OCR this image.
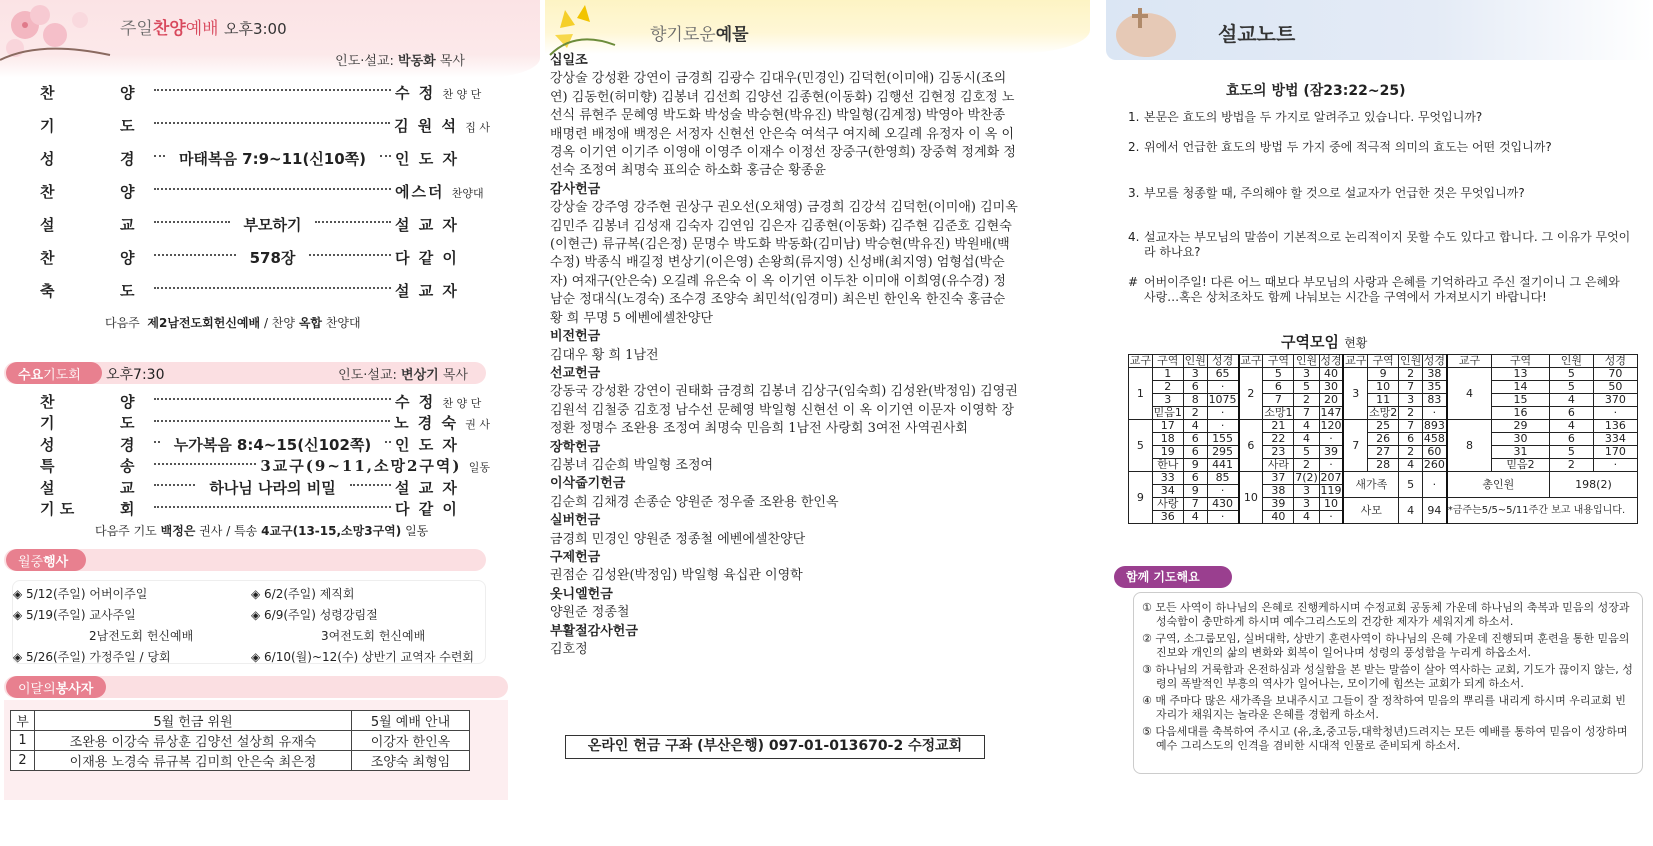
주일찬양예배 오후3:00
인도·설교: 박동화 목사
찬	양	수 정 찬 양 단
기	도	김 원 석 집 사
성	경	마태복음 7:9~11(신10쪽)	인 도 자
찬	양	에스더 찬양대
설	교	부모하기	설 교 자
찬	양	578장	다 같 이
축	도	설 교 자
다음주 제2남전도회헌신예배 / 찬양 옥합 찬양대
수요기도회	오후7:30	인도·설교: 변상기 목사
찬	양	수 정 찬 양 단
기	도	노 경 숙 권 사
성	경	누가복음 8:4~15(신102쪽)	인 도 자
특	송	3교구(9~11,소망2구역) 일동
설	교	하나님 나라의 비밀	설 교 자
기 도	회	다 같 이
다음주 기도 백정은 권사 / 특송 4교구(13-15,소망3구역) 일동
월중행사
◈ 5/12(주일) 어버이주일	◈ 6/2(주일) 제직회
◈ 5/19(주일) 교사주일	◈ 6/9(주일) 성령강림절
2남전도회 헌신예배	3여전도회 헌신예배
◈ 5/26(주일) 가정주일 / 당회	◈ 6/10(월)~12(수) 상반기 교역자 수련회
이달의봉사자
부	5월 헌금 위원	5월 예배 안내
1	조완용 이강숙 류상훈 김양선 설상희 유재숙	이강자 한인옥
2	이재용 노경숙 류규복 김미희 안은숙 최은정	조양숙 최형임
향기로운예물
십일조
강상술 강성환 강연이 금경희 김광수 김대우(민경인) 김덕헌(이미애) 김동시(조의연) 김동헌(허미향) 김봉녀 김선희 김양선 김종현(이동화) 김행선 김현정 김호정 노선식 류현주 문혜영 박도화 박성술 박승현(박유진) 박일형(김계정) 박영아 박찬종 배명련 배정애 백정은 서정자 신현선 안은숙 여석구 여지혜 오길례 유정자 이 옥 이경옥 이기연 이기주 이영애 이영주 이재수 이정선 장중구(한영희) 장중혁 정계화 정선숙 조정여 최명숙 표의순 하소화 홍금순 황종윤
감사헌금
강상술 강주영 강주현 권상구 권오선(오채영) 금경희 김강석 김덕헌(이미애) 김미옥 김민주 김봉녀 김성재 김숙자 김연임 김은자 김종현(이동화) 김주현 김준호 김현숙(이현근) 류규복(김은정) 문명수 박도화 박동화(김미남) 박승현(박유진) 박원배(백수정) 박종식 배길정 변상기(이은영) 손왕희(류지영) 신성배(최지영) 엄형섭(박순자) 여재구(안은숙) 오길례 유은숙 이 옥 이기연 이두찬 이미애 이희영(유수경) 정남순 정대식(노경숙) 조수경 조양숙 최민석(임경미) 최은빈 한인옥 한진숙 홍금순 황 희 무명 5 에벤에셀찬양단
비전헌금
김대우 황 희 1남전
선교헌금
강동국 강성환 강연이 권태화 금경희 김봉녀 김상구(임숙희) 김성완(박정임) 김영권 김원석 김철중 김호정 남수선 문혜영 박일형 신현선 이 옥 이기연 이문자 이영학 장정환 정명수 조완용 조정여 최명숙 민음희 1남전 사랑회 3여전 사역권사회
장학헌금
김봉녀 김순희 박일형 조정여
이삭줍기헌금
김순희 김채경 손종순 양원준 정우줄 조완용 한인옥
실버헌금
금경희 민경인 양원준 정종철 에벤에셀찬양단
구제헌금
권점순 김성완(박정임) 박일형 육십관 이영학
옷니엘헌금
양원준 정종철
부활절감사헌금
김호정
온라인 헌금 구좌 (부산은행) 097-01-013670-2 수정교회
설교노트
효도의 방법 (잠23:22~25)
1. 본문은 효도의 방법을 두 가지로 알려주고 있습니다. 무엇입니까?
2. 위에서 언급한 효도의 방법 두 가지 중에 적극적 의미의 효도는 어떤 것입니까?
3. 부모를 청종할 때, 주의해야 할 것으로 설교자가 언급한 것은 무엇입니까?
4. 설교자는 부모님의 말씀이 기본적으로 논리적이지 못할 수도 있다고 합니다. 그 이유가 무엇이라 하나요?
# 어버이주일! 다른 어느 때보다 부모님의 사랑과 은혜를 기억하라고 주신 절기이니 그 은혜와 사랑…혹은 상처조차도 함께 나눠보는 시간을 구역에서 가져보시기 바랍니다!
구역모임 현황
교구	구역	인원	성경	교구	구역	인원	성경	교구	구역	인원	성경	교구	구역	인원	성경
1	1	3	65	2	5	3	40	3	9	2	38	4	13	5	70
	2	6	·		6	5	30		10	7	35		14	5	50
	3	8	1075		7	2	20		11	3	83		15	4	370
	믿음1	2	·		소망1	7	147		소망2	2	·		16	6	·
5	17	4	·	6	21	4	120	7	25	7	893	8	29	4	136
	18	6	155		22	4	·		26	6	458		30	6	334
	19	6	295		23	5	39		27	2	60		31	5	170
	한나	9	441		사라	2	·		28	4	260		믿음2	2	·
9	33	6	85	10	37	7(2)	207	새가족		5	·	총인원		198(2)	
	34	9	·		38	3	119								
	사랑	7	430		39	3	10	사모		4	94	*금주는5/5~5/11주간 보고 내용입니다.			
	36	4	·		40	4	·								
함께 기도해요

① 모든 사역이 하나님의 은혜로 진행케하시며 수정교회 공동체 가운데 하나님의 축복과 믿음의 성장과 성숙함이 충만하게 하시며 예수그리스도의 건강한 제자가 세워지게 하소서.

② 구역, 소그룹모임, 실버대학, 상반기 훈련사역이 하나님의 은혜 가운데 진행되며 훈련을 통한 믿음의 진보와 개인의 삶의 변화와 회복이 일어나며 성령의 풍성함을 누리게 하옵소서.

③ 하나님의 거룩함과 온전하심과 성실함을 본 받는 말씀이 살아 역사하는 교회, 기도가 끊이지 않는, 성령의 폭발적인 부흥의 역사가 일어나는, 모이기에 힘쓰는 교회가 되게 하소서.

④ 매 주마다 많은 새가족을 보내주시고 그들이 잘 정착하여 믿음의 뿌리를 내리게 하시며 우리교회 빈 자리가 채워지는 놀라운 은혜를 경험케 하소서.

⑤ 다음세대를 축복하여 주시고 (유,초,중고등,대학청년)드려지는 모든 예배를 통하여 믿음이 성장하며 예수 그리스도의 인격을 겸비한 시대적 인물로 준비되게 하소서.
